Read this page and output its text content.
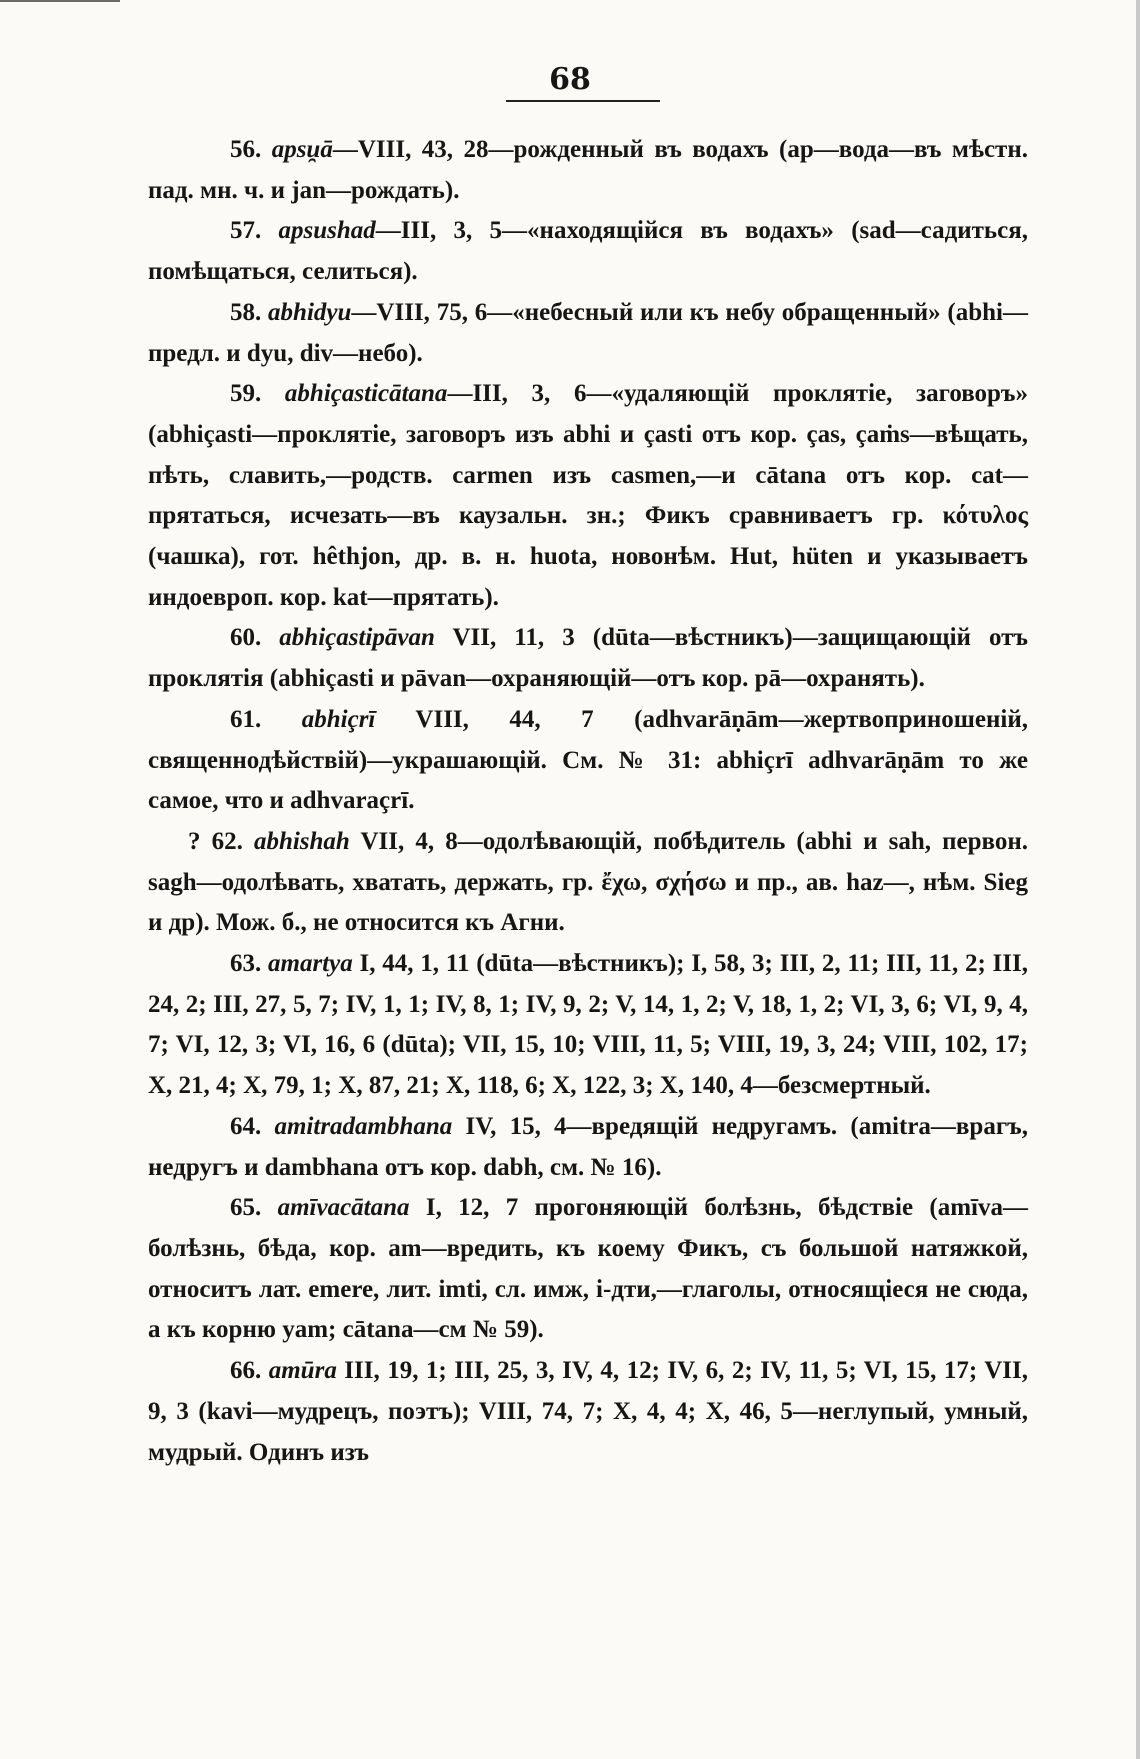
68

56. apsu̯ā—VIII, 43, 28—рожденный въ водахъ (ap—вода—въ мѣстн. пад. мн. ч. и jan—рождать).

57. apsushad—III, 3, 5—«находящійся въ водахъ» (sad—садиться, помѣщаться, селиться).

58. abhidyu—VIII, 75, 6—«небесный или къ небу обращенный» (abhi—предл. и dyu, div—небо).

59. abhiçasticātana—III, 3, 6—«удаляющій проклятіе, заговоръ» (abhiçasti—проклятіе, заговоръ изъ abhi и çasti отъ кор. ças, çaṁs—вѣщать, пѣть, славить,—родств. carmen изъ casmen,—и cātana отъ кор. cat—прятаться, исчезать—въ каузальн. зн.; Фикъ сравниваетъ гр. κότυλος (чашка), гот. hêthjon, др. в. н. huota, новонѣм. Hut, hüten и указываетъ индоевроп. кор. kat—прятать).

60. abhiçastipāvan VII, 11, 3 (dūta—вѣстникъ)—защищающій отъ проклятія (abhiçasti и pāvan—охраняющій—отъ кор. pā—охранять).

61. abhiçrī VIII, 44, 7 (adhvarāṇām—жертвоприношеній, священнодѣйствій)—украшающій. См. № 31: abhiçrī adhvarāṇām то же самое, что и adhvaraçrī.

? 62. abhishah VII, 4, 8—одолѣвающій, побѣдитель (abhi и sah, первон. sagh—одолѣвать, хватать, держать, гр. ἔχω, σχήσω и пр., ав. haz—, нѣм. Sieg и др). Мож. б., не относится къ Агни.

63. amartya I, 44, 1, 11 (dūta—вѣстникъ); I, 58, 3; III, 2, 11; III, 11, 2; III, 24, 2; III, 27, 5, 7; IV, 1, 1; IV, 8, 1; IV, 9, 2; V, 14, 1, 2; V, 18, 1, 2; VI, 3, 6; VI, 9, 4, 7; VI, 12, 3; VI, 16, 6 (dūta); VII, 15, 10; VIII, 11, 5; VIII, 19, 3, 24; VIII, 102, 17; X, 21, 4; X, 79, 1; X, 87, 21; X, 118, 6; X, 122, 3; X, 140, 4—безсмертный.

64. amitradambhana IV, 15, 4—вредящій недругамъ. (amitra—врагъ, недругъ и dambhana отъ кор. dabh, см. № 16).

65. amīvacātana I, 12, 7 прогоняющій болѣзнь, бѣдствіе (amīva—болѣзнь, бѣда, кор. am—вредить, къ коему Фикъ, съ большой натяжкой, относитъ лат. emere, лит. imti, сл. имж, і-дти,—глаголы, относящіеся не сюда, а къ корню yam; cātana—см № 59).

66. amūra III, 19, 1; III, 25, 3, IV, 4, 12; IV, 6, 2; IV, 11, 5; VI, 15, 17; VII, 9, 3 (kavi—мудрецъ, поэтъ); VIII, 74, 7; X, 4, 4; X, 46, 5—неглупый, умный, мудрый. Одинъ изъ
